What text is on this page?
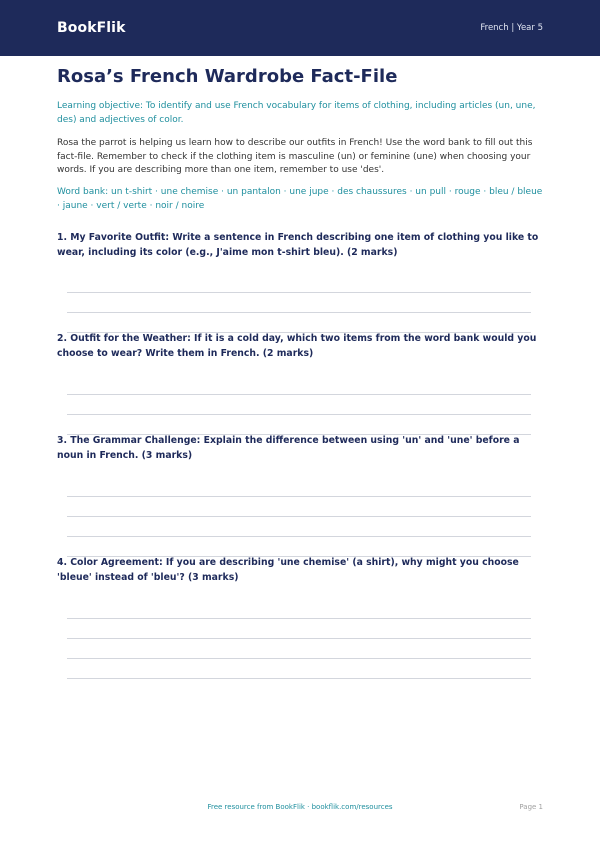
BookFlik	French | Year 5
Rosa’s French Wardrobe Fact-File
Learning objective: To identify and use French vocabulary for items of clothing, including articles (un, une, des) and adjectives of color.
Rosa the parrot is helping us learn how to describe our outfits in French! Use the word bank to fill out this fact-file. Remember to check if the clothing item is masculine (un) or feminine (une) when choosing your words. If you are describing more than one item, remember to use 'des'.
Word bank: un t-shirt · une chemise · un pantalon · une jupe · des chaussures · un pull · rouge · bleu / bleue · jaune · vert / verte · noir / noire
1. My Favorite Outfit: Write a sentence in French describing one item of clothing you like to wear, including its color (e.g., J'aime mon t-shirt bleu). (2 marks)
2. Outfit for the Weather: If it is a cold day, which two items from the word bank would you choose to wear? Write them in French. (2 marks)
3. The Grammar Challenge: Explain the difference between using 'un' and 'une' before a noun in French. (3 marks)
4. Color Agreement: If you are describing 'une chemise' (a shirt), why might you choose 'bleue' instead of 'bleu'? (3 marks)
Free resource from BookFlik · bookflik.com/resources	Page 1
